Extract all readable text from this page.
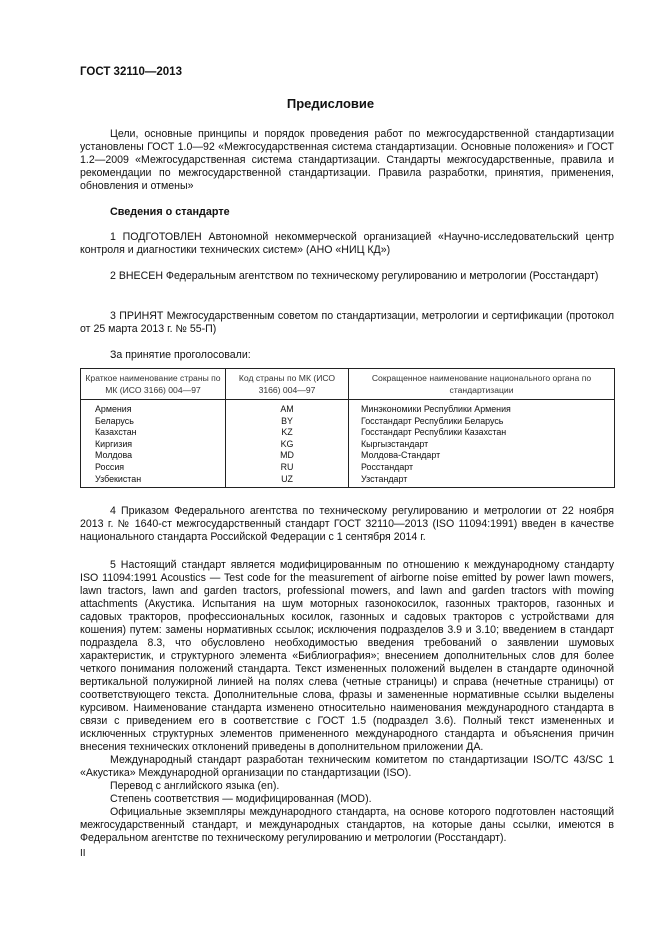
ГОСТ 32110—2013
Предисловие

Цели, основные принципы и порядок проведения работ по межгосударственной стандартизации установлены ГОСТ 1.0—92 «Межгосударственная система стандартизации. Основные положения» и ГОСТ 1.2—2009 «Межгосударственная система стандартизации. Стандарты межгосударственные, правила и рекомендации по межгосударственной стандартизации. Правила разработки, принятия, применения, обновления и отмены»

Сведения о стандарте

1 ПОДГОТОВЛЕН Автономной некоммерческой организацией «Научно-исследовательский центр контроля и диагностики технических систем» (АНО «НИЦ КД»)

2 ВНЕСЕН Федеральным агентством по техническому регулированию и метрологии (Росстандарт)

3 ПРИНЯТ Межгосударственным советом по стандартизации, метрологии и сертификации (протокол от 25 марта 2013 г. № 55-П)

За принятие проголосовали:
Краткое наименование страны по МК (ИСО 3166) 004—97	Код страны по МК (ИСО 3166) 004—97	Сокращенное наименование национального органа по стандартизации
Армения	AM	Минэкономики Республики Армения
Беларусь	BY	Госстандарт Республики Беларусь
Казахстан	KZ	Госстандарт Республики Казахстан
Киргизия	KG	Кыргызстандарт
Молдова	MD	Молдова-Стандарт
Россия	RU	Росстандарт
Узбекистан	UZ	Узстандарт

4 Приказом Федерального агентства по техническому регулированию и метрологии от 22 ноября 2013 г. № 1640-ст межгосударственный стандарт ГОСТ 32110—2013 (ISO 11094:1991) введен в качестве национального стандарта Российской Федерации с 1 сентября 2014 г.

5 Настоящий стандарт является модифицированным по отношению к международному стандарту ISO 11094:1991 Acoustics — Test code for the measurement of airborne noise emitted by power lawn mowers, lawn tractors, lawn and garden tractors, professional mowers, and lawn and garden tractors with mowing attachments (Акустика. Испытания на шум моторных газонокосилок, газонных тракторов, газонных и садовых тракторов, профессиональных косилок, газонных и садовых тракторов с устройствами для кошения) путем: замены нормативных ссылок; исключения подразделов 3.9 и 3.10; введением в стандарт подраздела 8.3, что обусловлено необходимостью введения требований о заявлении шумовых характеристик, и структурного элемента «Библиография»; внесением дополнительных слов для более четкого понимания положений стандарта. Текст измененных положений выделен в стандарте одиночной вертикальной полужирной линией на полях слева (четные страницы) и справа (нечетные страницы) от соответствующего текста. Дополнительные слова, фразы и замененные нормативные ссылки выделены курсивом. Наименование стандарта изменено относительно наименования международного стандарта в связи с приведением его в соответствие с ГОСТ 1.5 (подраздел 3.6). Полный текст измененных и исключенных структурных элементов примененного международного стандарта и объяснения причин внесения технических отклонений приведены в дополнительном приложении ДА.

Международный стандарт разработан техническим комитетом по стандартизации ISO/TC 43/SC 1 «Акустика» Международной организации по стандартизации (ISO).

Перевод с английского языка (en).

Степень соответствия — модифицированная (MOD).

Официальные экземпляры международного стандарта, на основе которого подготовлен настоящий межгосударственный стандарт, и международных стандартов, на которые даны ссылки, имеются в Федеральном агентстве по техническому регулированию и метрологии (Росстандарт).

II
